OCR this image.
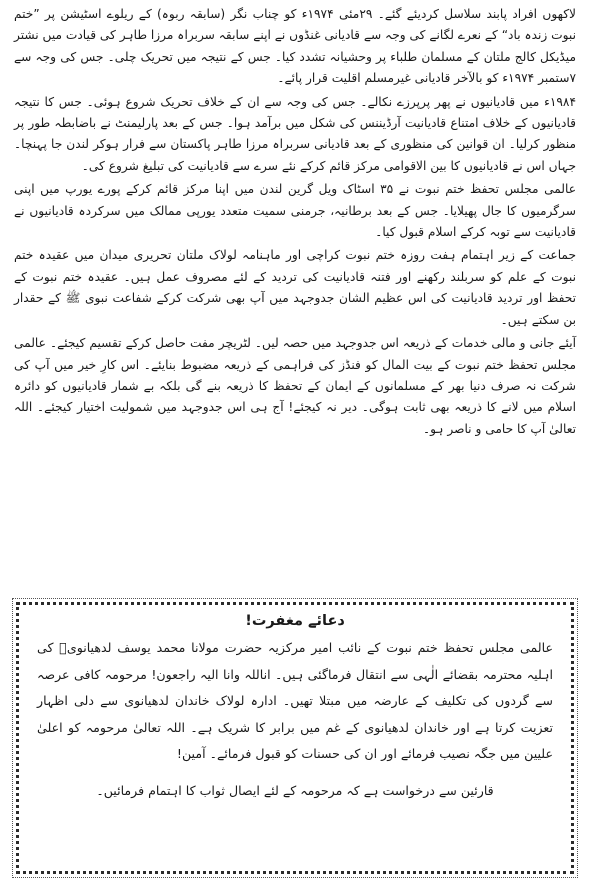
لاکھوں افراد پابند سلاسل کردیئے گئے۔ ۲۹مئی ۱۹۷۴ء کو چناب نگر (سابقہ ربوہ) کے ریلوے اسٹیشن پر ”ختم نبوت زندہ باد“ کے نعرے لگانے کی وجہ سے قادیانی غنڈوں نے اپنے سابقہ سربراہ مرزا طاہر کی قیادت میں نشتر میڈیکل کالج ملتان کے مسلمان طلباء پر وحشیانہ تشدد کیا۔ جس کے نتیجہ میں تحریک چلی۔ جس کی وجہ سے ۷ستمبر ۱۹۷۴ء کو بالآخر قادیانی غیرمسلم اقلیت قرار پائے۔

۱۹۸۴ء میں قادیانیوں نے پھر پرپرزے نکالے۔ جس کی وجہ سے ان کے خلاف تحریک شروع ہوئی۔ جس کا نتیجہ قادیانیوں کے خلاف امتناع قادیانیت آرڈیننس کی شکل میں برآمد ہوا۔ جس کے بعد پارلیمنٹ نے باضابطہ طور پر منظور کرلیا۔ ان قوانین کی منظوری کے بعد قادیانی سربراہ مرزا طاہر پاکستان سے فرار ہوکر لندن جا پہنچا۔ جہاں اس نے قادیانیوں کا بین الاقوامی مرکز قائم کرکے نئے سرے سے قادیانیت کی تبلیغ شروع کی۔

عالمی مجلس تحفظ ختم نبوت نے ۳۵ اسٹاک ویل گرین لندن میں اپنا مرکز قائم کرکے پورے یورپ میں اپنی سرگرمیوں کا جال پھیلایا۔ جس کے بعد برطانیہ، جرمنی سمیت متعدد یورپی ممالک میں سرکردہ قادیانیوں نے قادیانیت سے توبہ کرکے اسلام قبول کیا۔

جماعت کے زیر اہتمام ہفت روزہ ختم نبوت کراچی اور ماہنامہ لولاک ملتان تحریری میدان میں عقیدہ ختم نبوت کے علم کو سربلند رکھنے اور فتنہ قادیانیت کی تردید کے لئے مصروف عمل ہیں۔ عقیدہ ختم نبوت کے تحفظ اور تردید قادیانیت کی اس عظیم الشان جدوجہد میں آپ بھی شرکت کرکے شفاعت نبوی ﷺ کے حقدار بن سکتے ہیں۔

آیئے جانی و مالی خدمات کے ذریعہ اس جدوجہد میں حصہ لیں۔ لٹریچر مفت حاصل کرکے تقسیم کیجئے۔ عالمی مجلس تحفظ ختم نبوت کے بیت المال کو فنڈز کی فراہمی کے ذریعہ مضبوط بنایئے۔ اس کارِ خیر میں آپ کی شرکت نہ صرف دنیا بھر کے مسلمانوں کے ایمان کے تحفظ کا ذریعہ بنے گی بلکہ بے شمار قادیانیوں کو دائرہ اسلام میں لانے کا ذریعہ بھی ثابت ہوگی۔ دیر نہ کیجئے! آج ہی اس جدوجہد میں شمولیت اختیار کیجئے۔ اللہ تعالیٰ آپ کا حامی و ناصر ہو۔

دعائے مغفرت!

عالمی مجلس تحفظ ختم نبوت کے نائب امیر مرکزیہ حضرت مولانا محمد یوسف لدھیانویؒ کی اہلیہ محترمہ بقضائے الٰہی سے انتقال فرماگئی ہیں۔ اناللہ وانا الیہ راجعون! مرحومہ کافی عرصہ سے گردوں کی تکلیف کے عارضہ میں مبتلا تھیں۔ ادارہ لولاک خاندان لدھیانوی سے دلی اظہار تعزیت کرتا ہے اور خاندان لدھیانوی کے غم میں برابر کا شریک ہے۔ اللہ تعالیٰ مرحومہ کو اعلیٰ علیین میں جگہ نصیب فرمائے اور ان کی حسنات کو قبول فرمائے۔ آمین!

قارئین سے درخواست ہے کہ مرحومہ کے لئے ایصال ثواب کا اہتمام فرمائیں۔
